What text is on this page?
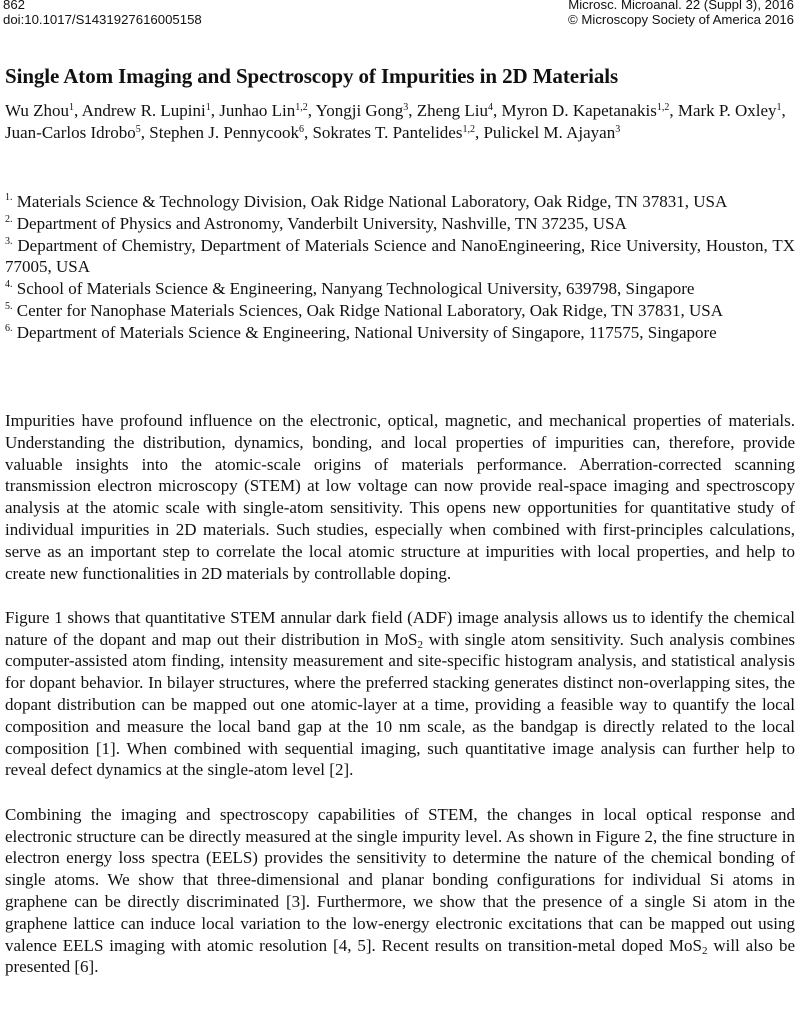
862
doi:10.1017/S1431927616005158
Microsc. Microanal. 22 (Suppl 3), 2016
© Microscopy Society of America 2016
Single Atom Imaging and Spectroscopy of Impurities in 2D Materials

Wu Zhou$^1$, Andrew R. Lupini$^1$, Junhao Lin$^{1,2}$, Yongji Gong$^3$, Zheng Liu$^4$, Myron D. Kapetanakis$^{1,2}$, Mark P. Oxley$^1$, Juan-Carlos Idrobo$^5$, Stephen J. Pennycook$^6$, Sokrates T. Pantelides$^{1,2}$, Pulickel M. Ajayan$^3$

$^{1.}$ Materials Science & Technology Division, Oak Ridge National Laboratory, Oak Ridge, TN 37831, USA
$^{2.}$ Department of Physics and Astronomy, Vanderbilt University, Nashville, TN 37235, USA
$^{3.}$ Department of Chemistry, Department of Materials Science and NanoEngineering, Rice University, Houston, TX 77005, USA
$^{4.}$ School of Materials Science & Engineering, Nanyang Technological University, 639798, Singapore
$^{5.}$ Center for Nanophase Materials Sciences, Oak Ridge National Laboratory, Oak Ridge, TN 37831, USA
$^{6.}$ Department of Materials Science & Engineering, National University of Singapore, 117575, Singapore

Impurities have profound influence on the electronic, optical, magnetic, and mechanical properties of materials. Understanding the distribution, dynamics, bonding, and local properties of impurities can, therefore, provide valuable insights into the atomic-scale origins of materials performance. Aberration-corrected scanning transmission electron microscopy (STEM) at low voltage can now provide real-space imaging and spectroscopy analysis at the atomic scale with single-atom sensitivity. This opens new opportunities for quantitative study of individual impurities in 2D materials. Such studies, especially when combined with first-principles calculations, serve as an important step to correlate the local atomic structure at impurities with local properties, and help to create new functionalities in 2D materials by controllable doping.

Figure 1 shows that quantitative STEM annular dark field (ADF) image analysis allows us to identify the chemical nature of the dopant and map out their distribution in MoS$_2$ with single atom sensitivity. Such analysis combines computer-assisted atom finding, intensity measurement and site-specific histogram analysis, and statistical analysis for dopant behavior. In bilayer structures, where the preferred stacking generates distinct non-overlapping sites, the dopant distribution can be mapped out one atomic-layer at a time, providing a feasible way to quantify the local composition and measure the local band gap at the 10 nm scale, as the bandgap is directly related to the local composition [1]. When combined with sequential imaging, such quantitative image analysis can further help to reveal defect dynamics at the single-atom level [2].

Combining the imaging and spectroscopy capabilities of STEM, the changes in local optical response and electronic structure can be directly measured at the single impurity level. As shown in Figure 2, the fine structure in electron energy loss spectra (EELS) provides the sensitivity to determine the nature of the chemical bonding of single atoms. We show that three-dimensional and planar bonding configurations for individual Si atoms in graphene can be directly discriminated [3]. Furthermore, we show that the presence of a single Si atom in the graphene lattice can induce local variation to the low-energy electronic excitations that can be mapped out using valence EELS imaging with atomic resolution [4, 5]. Recent results on transition-metal doped MoS$_2$ will also be presented [6].
